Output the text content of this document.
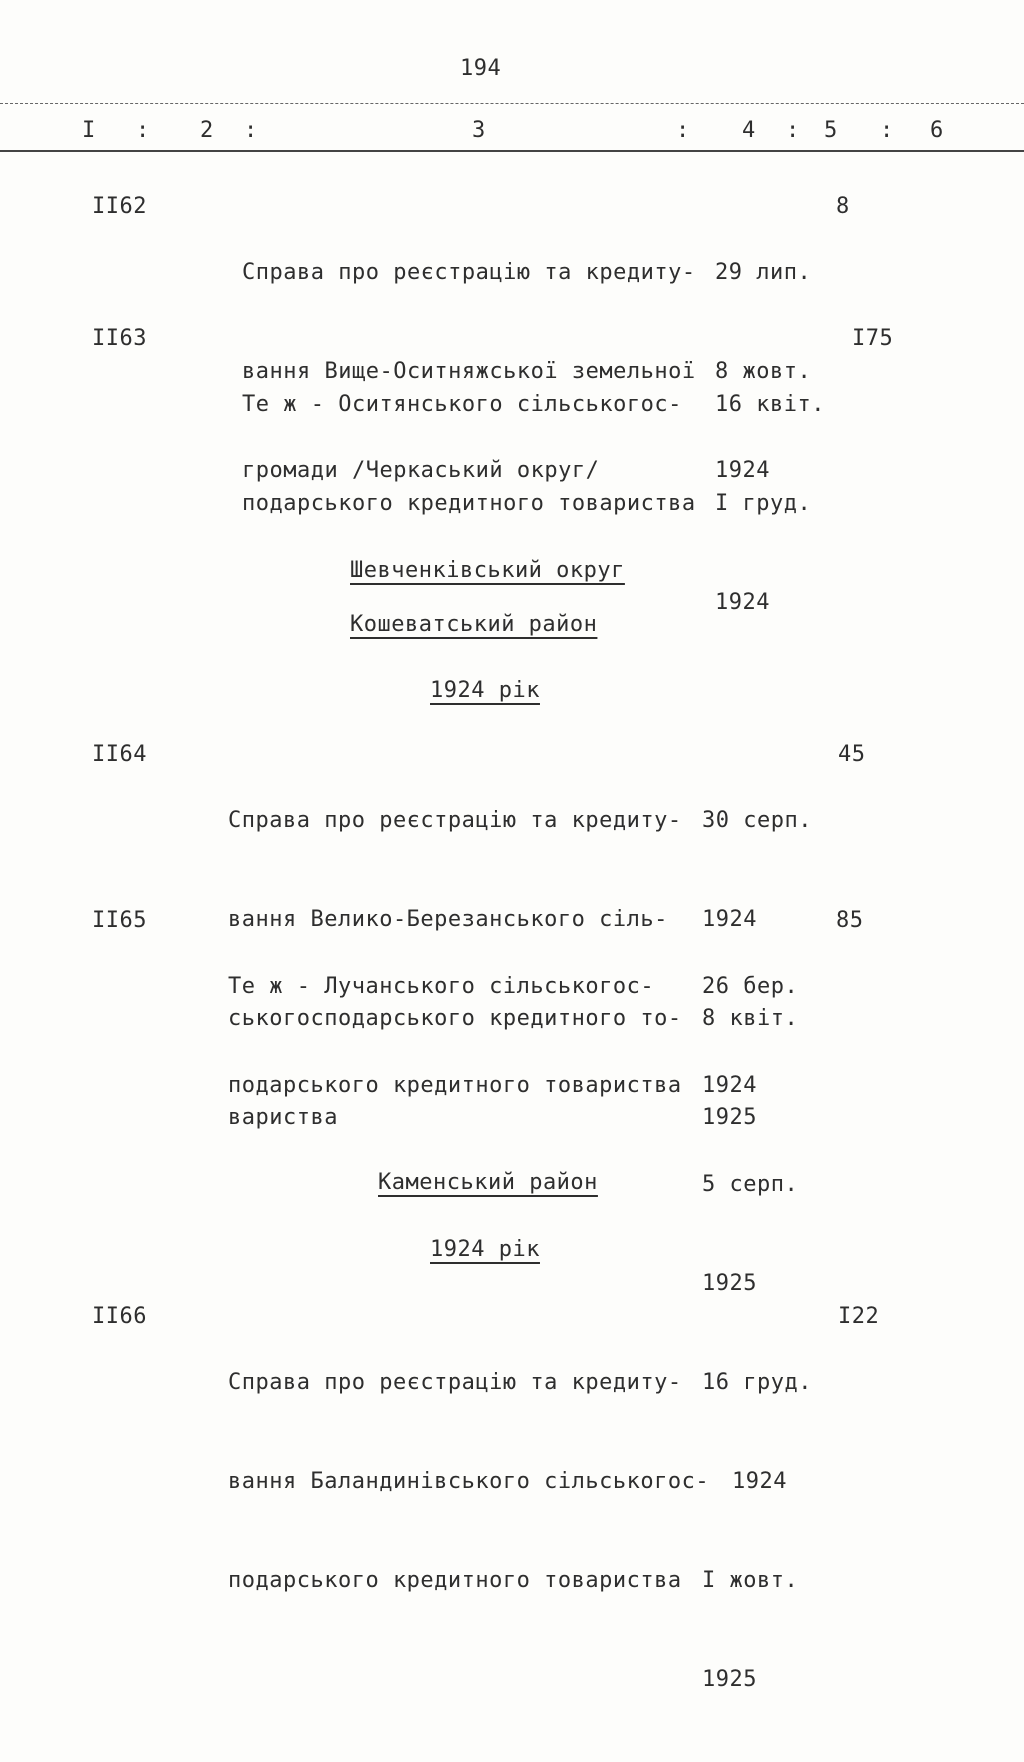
194
I : 2 :	3	: 4 : 5 : 6
II62

Справа про реєстрацію та кредиту-

вання Вище-Оситняжської земельної

громади /Черкаський округ/

29 лип.

8 жовт.

1924

8
II63

Те ж - Оситянського сільськогос-

подарського кредитного товариства

16 квіт.

I груд.

1924

I75
Шевченківський округ
Кошеватський район
1924 рік
II64

Справа про реєстрацію та кредиту-

вання Велико-Березанського сіль-

ськогосподарського кредитного то-

вариства

30 серп.

1924

8 квіт.

1925

45
II65

Те ж - Лучанського сільськогос-

подарського кредитного товариства

26 бер.

1924

5 серп.

1925

85
Каменський район
1924 рік
II66

Справа про реєстрацію та кредиту-

вання Баландинівського сільськогос-

подарського кредитного товариства

16 груд.

1924

I жовт.

1925

I22
